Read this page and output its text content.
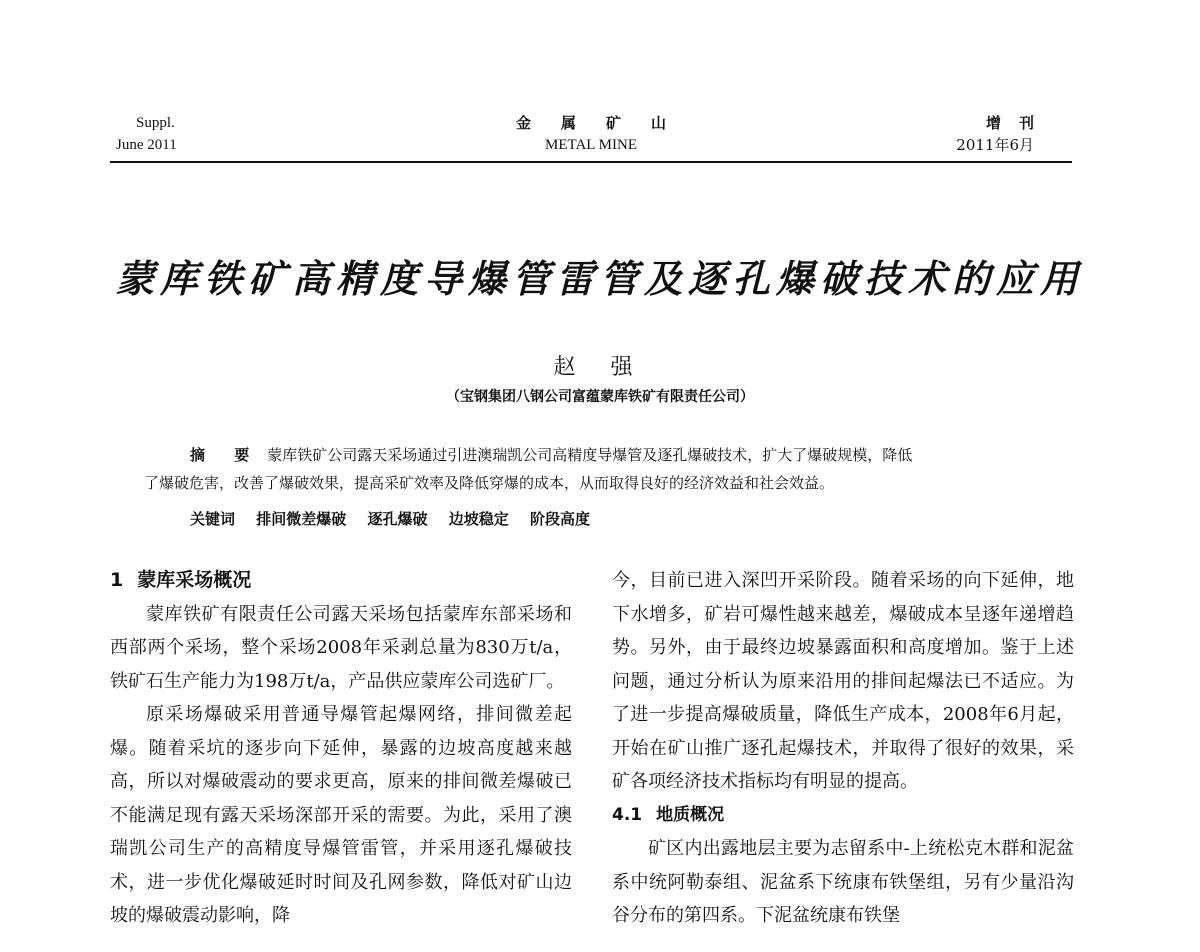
Suppl.
June 2011
金属矿山
METAL MINE
增刊
2011年6月
蒙库铁矿高精度导爆管雷管及逐孔爆破技术的应用
赵 强
（宝钢集团八钢公司富蕴蒙库铁矿有限责任公司）
摘 要 蒙库铁矿公司露天采场通过引进澳瑞凯公司高精度导爆管及逐孔爆破技术，扩大了爆破规模，降低
了爆破危害，改善了爆破效果，提高采矿效率及降低穿爆的成本，从而取得良好的经济效益和社会效益。
关键词 排间微差爆破 逐孔爆破 边坡稳定 阶段高度
1 蒙库采场概况
蒙库铁矿有限责任公司露天采场包括蒙库东部采场和西部两个采场，整个采场2008年采剥总量为830万t/a，铁矿石生产能力为198万t/a，产品供应蒙库公司选矿厂。
原采场爆破采用普通导爆管起爆网络，排间微差起爆。随着采坑的逐步向下延伸，暴露的边坡高度越来越高，所以对爆破震动的要求更高，原来的排间微差爆破已不能满足现有露天采场深部开采的需要。为此，采用了澳瑞凯公司生产的高精度导爆管雷管，并采用逐孔爆破技术，进一步优化爆破延时时间及孔网参数，降低对矿山边坡的爆破震动影响，降
今，目前已进入深凹开采阶段。随着采场的向下延伸，地下水增多，矿岩可爆性越来越差，爆破成本呈逐年递增趋势。另外，由于最终边坡暴露面积和高度增加。鉴于上述问题，通过分析认为原来沿用的排间起爆法已不适应。为了进一步提高爆破质量，降低生产成本，2008年6月起，开始在矿山推广逐孔起爆技术，并取得了很好的效果，采矿各项经济技术指标均有明显的提高。
4.1 地质概况
矿区内出露地层主要为志留系中-上统松克木群和泥盆系中统阿勒泰组、泥盆系下统康布铁堡组，另有少量沿沟谷分布的第四系。下泥盆统康布铁堡
